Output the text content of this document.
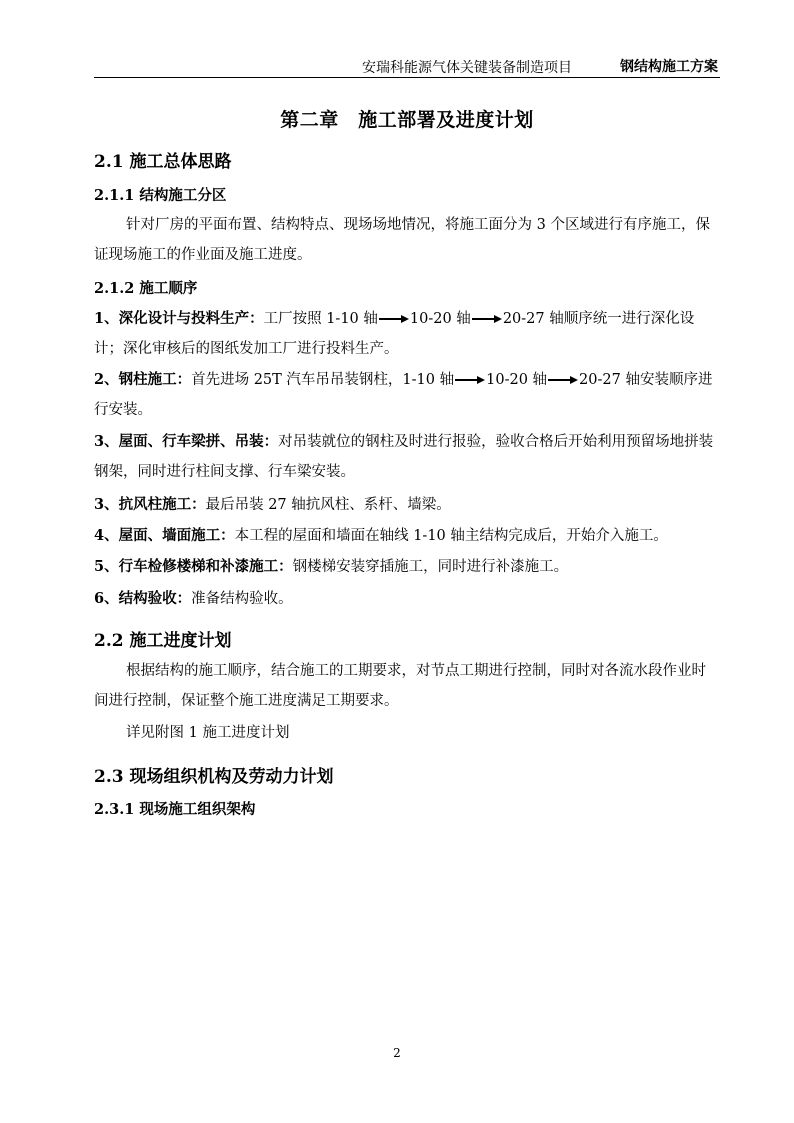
安瑞科能源气体关键装备制造项目	钢结构施工方案
第二章　施工部署及进度计划
2.1 施工总体思路
2.1.1 结构施工分区
针对厂房的平面布置、结构特点、现场场地情况，将施工面分为 3 个区域进行有序施工，保证现场施工的作业面及施工进度。
2.1.2 施工顺序
1、深化设计与投料生产：工厂按照 1-10 轴 10-20 轴 20-27 轴顺序统一进行深化设计；深化审核后的图纸发加工厂进行投料生产。
2、钢柱施工：首先进场 25T 汽车吊吊装钢柱，1-10 轴 10-20 轴 20-27 轴安装顺序进行安装。
3、屋面、行车梁拼、吊装：对吊装就位的钢柱及时进行报验，验收合格后开始利用预留场地拼装钢架，同时进行柱间支撑、行车梁安装。
3、抗风柱施工：最后吊装 27 轴抗风柱、系杆、墙梁。
4、屋面、墙面施工：本工程的屋面和墙面在轴线 1-10 轴主结构完成后，开始介入施工。
5、行车检修楼梯和补漆施工：钢楼梯安装穿插施工，同时进行补漆施工。
6、结构验收：准备结构验收。
2.2 施工进度计划
根据结构的施工顺序，结合施工的工期要求，对节点工期进行控制，同时对各流水段作业时间进行控制，保证整个施工进度满足工期要求。
详见附图 1 施工进度计划
2.3 现场组织机构及劳动力计划
2.3.1 现场施工组织架构
2
